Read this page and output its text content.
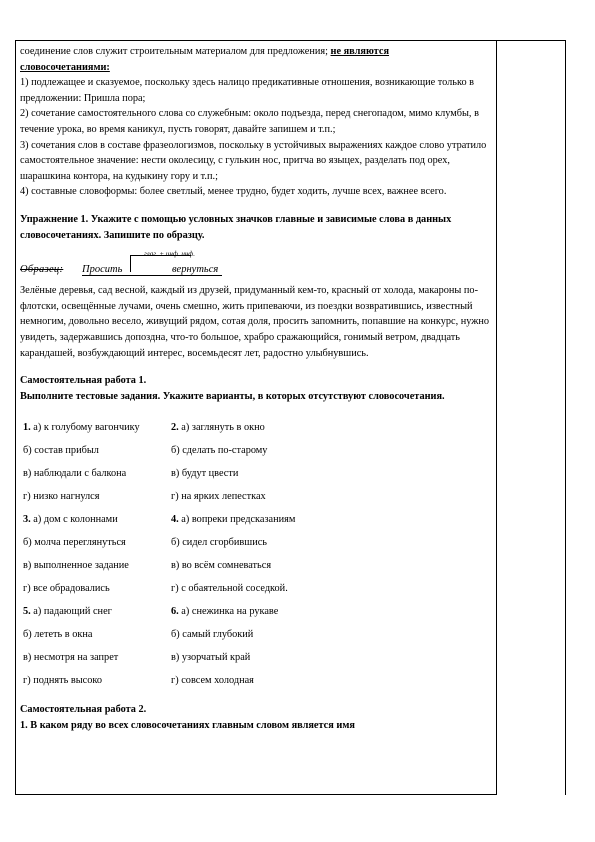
соединение слов служит строительным материалом для предложения; не являются
словосочетаниями:

1) подлежащее и сказуемое, поскольку здесь налицо предикативные отношения, возникающие только в предложении: Пришла пора;

2) сочетание самостоятельного слова со служебным: около подъезда, перед снегопадом, мимо клумбы, в течение урока, во время каникул, пусть говорят, давайте запишем и т.п.;

3) сочетания слов в составе фразеологизмов, поскольку в устойчивых выражениях каждое слово утратило самостоятельное значение: нести околесицу, с гулькин нос, притча во языцех, разделать под орех, шарашкина контора, на кудыкину гору и т.п.;

4) составные словоформы: более светлый, менее трудно, будет ходить, лучше всех, важнее всего.

Упражнение 1. Укажите с помощью условных значков главные и зависимые слова в данных словосочетаниях. Запишите по образцу.

глаг. + инф. инф.
Образец: Просить	вернуться

Зелёные деревья, сад весной, каждый из друзей, придуманный кем-то, красный от холода, макароны по-флотски, освещённые лучами, очень смешно, жить припеваючи, из поездки возвратившись, известный немногим, довольно весело, живущий рядом, сотая доля, просить запомнить, попавшие на конкурс, нужно увидеть, задержавшись допоздна, что-то большое, храбро сражающийся, гонимый ветром, двадцать карандашей, возбуждающий интерес, восемьдесят лет, радостно улыбнувшись.

Самостоятельная работа 1.

Выполните тестовые задания. Укажите варианты, в которых отсутствуют словосочетания.

1. а) к голубому вагончику	2. а) заглянуть в окно
б) состав прибыл	б) сделать по-старому
в) наблюдали с балкона	в) будут цвести
г) низко нагнулся	г) на ярких лепестках
3. а) дом с колоннами	4. а) вопреки предсказаниям
б) молча переглянуться	б) сидел сгорбившись
в) выполненное задание	в) во всём сомневаться
г) все обрадовались	г) с обаятельной соседкой.
5. а) падающий снег	6. а) снежинка на рукаве
б) лететь в окна	б) самый глубокий
в) несмотря на запрет	в) узорчатый край
г) поднять высоко	г) совсем холодная

Самостоятельная работа 2.

1. В каком ряду во всех словосочетаниях главным словом является имя
